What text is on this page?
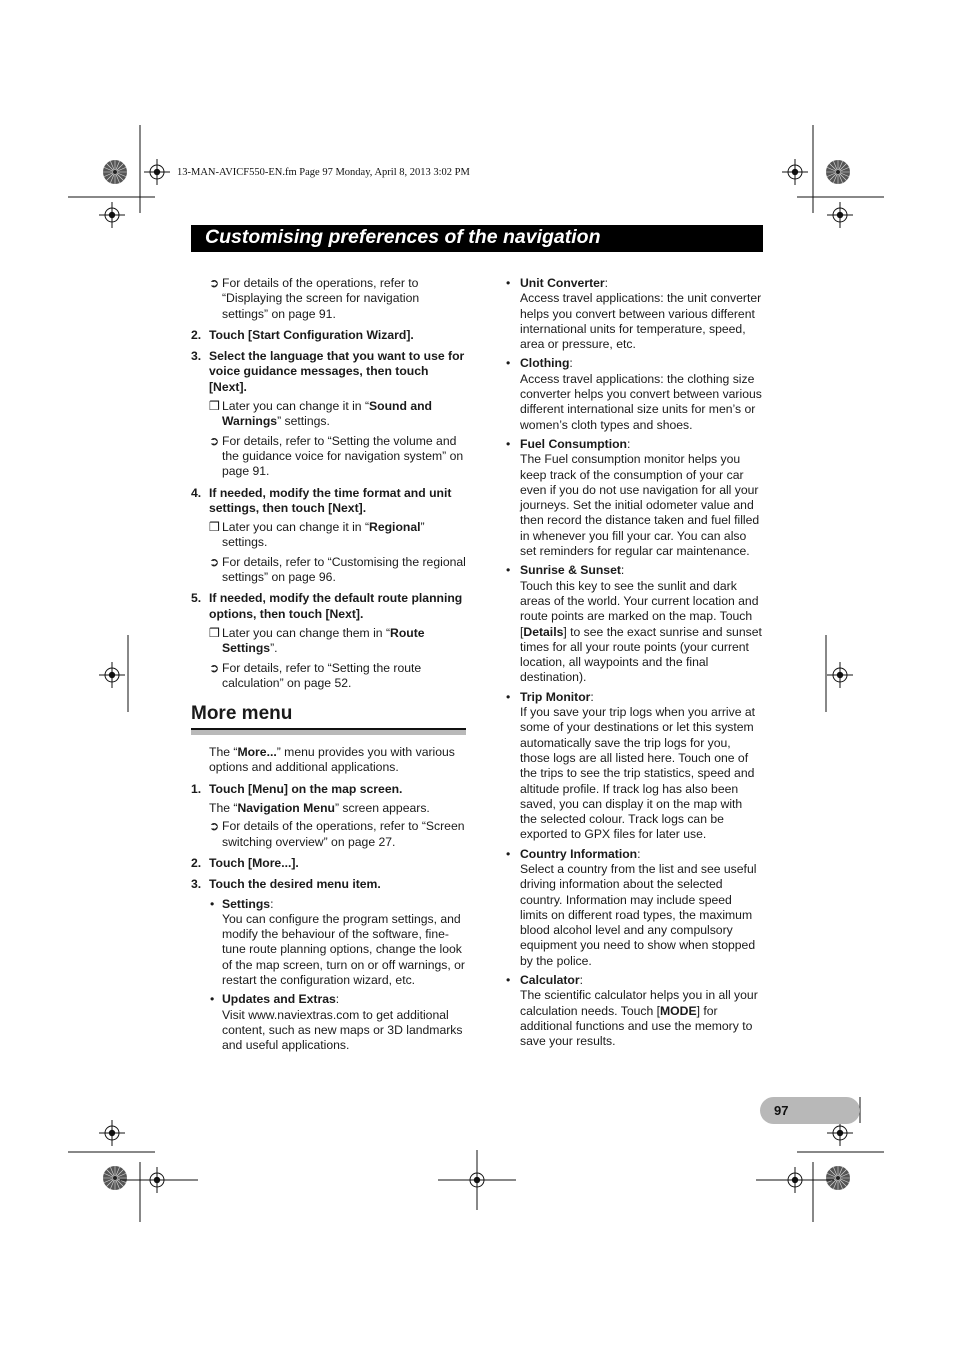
13-MAN-AVICF550-EN.fm Page 97 Monday, April 8, 2013 3:02 PM
Customising preferences of the navigation
➲ For details of the operations, refer to “Displaying the screen for navigation settings” on page 91.
2. Touch [Start Configuration Wizard].
3. Select the language that you want to use for voice guidance messages, then touch [Next].
❒ Later you can change it in “Sound and Warnings” settings.
➲ For details, refer to “Setting the volume and the guidance voice for navigation system” on page 91.
4. If needed, modify the time format and unit settings, then touch [Next].
❒ Later you can change it in “Regional” settings.
➲ For details, refer to “Customising the regional settings” on page 96.
5. If needed, modify the default route planning options, then touch [Next].
❒ Later you can change them in “Route Settings”.
➲ For details, refer to “Setting the route calculation” on page 52.
More menu
The “More...” menu provides you with various options and additional applications.
1. Touch [Menu] on the map screen.
The “Navigation Menu” screen appears.
➲ For details of the operations, refer to “Screen switching overview” on page 27.
2. Touch [More...].
3. Touch the desired menu item.
• Settings:
You can configure the program settings, and modify the behaviour of the software, fine-tune route planning options, change the look of the map screen, turn on or off warnings, or restart the configuration wizard, etc.
• Updates and Extras:
Visit www.naviextras.com to get additional content, such as new maps or 3D landmarks and useful applications.
• Unit Converter:
Access travel applications: the unit converter helps you convert between various different international units for temperature, speed, area or pressure, etc.
• Clothing:
Access travel applications: the clothing size converter helps you convert between various different international size units for men’s or women’s cloth types and shoes.
• Fuel Consumption:
The Fuel consumption monitor helps you keep track of the consumption of your car even if you do not use navigation for all your journeys. Set the initial odometer value and then record the distance taken and fuel filled in whenever you fill your car. You can also set reminders for regular car maintenance.
• Sunrise & Sunset:
Touch this key to see the sunlit and dark areas of the world. Your current location and route points are marked on the map. Touch [Details] to see the exact sunrise and sunset times for all your route points (your current location, all waypoints and the final destination).
• Trip Monitor:
If you save your trip logs when you arrive at some of your destinations or let this system automatically save the trip logs for you, those logs are all listed here. Touch one of the trips to see the trip statistics, speed and altitude profile. If track log has also been saved, you can display it on the map with the selected colour. Track logs can be exported to GPX files for later use.
• Country Information:
Select a country from the list and see useful driving information about the selected country. Information may include speed limits on different road types, the maximum blood alcohol level and any compulsory equipment you need to show when stopped by the police.
• Calculator:
The scientific calculator helps you in all your calculation needs. Touch [MODE] for additional functions and use the memory to save your results.
97
